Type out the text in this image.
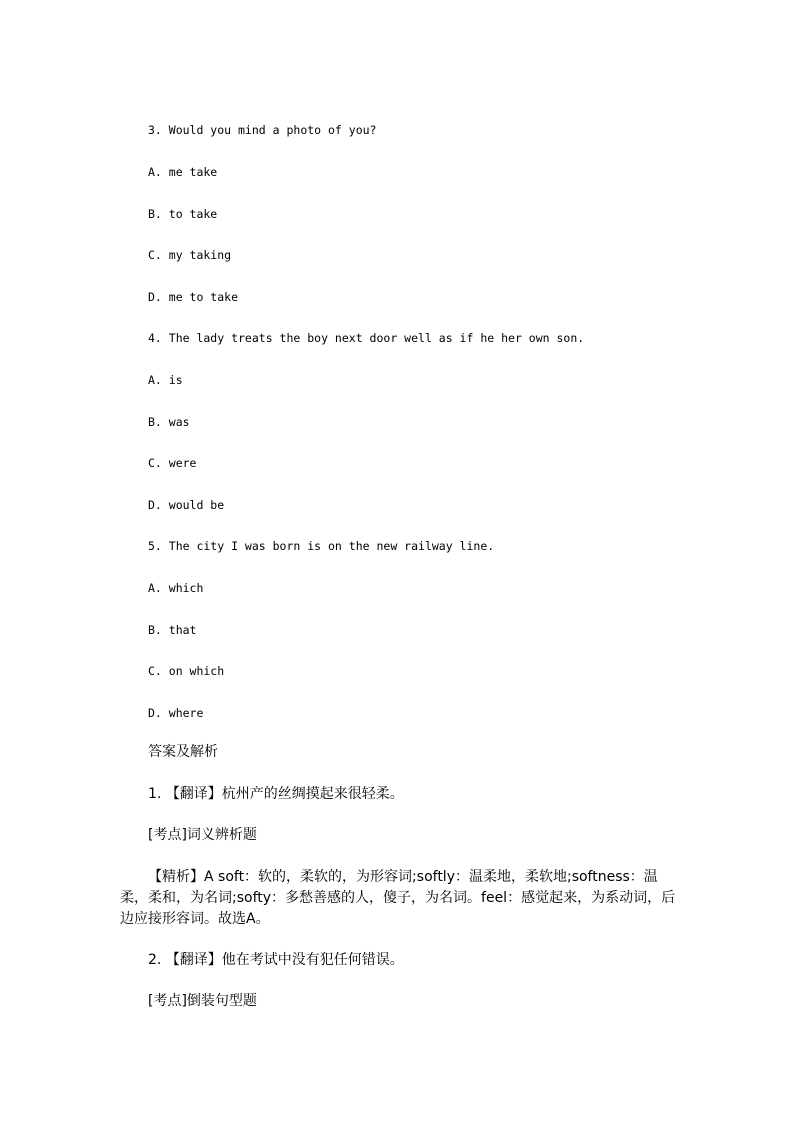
3. Would you mind a photo of you?
A. me take
B. to take
C. my taking
D. me to take
4. The lady treats the boy next door well as if he her own son.
A. is
B. was
C. were
D. would be
5. The city I was born is on the new railway line.
A. which
B. that
C. on which
D. where
答案及解析
1. 【翻译】杭州产的丝绸摸起来很轻柔。
[考点]词义辨析题
【精析】A soft：软的，柔软的，为形容词;softly：温柔地，柔软地;softness：温柔，柔和，为名词;softy：多愁善感的人，傻子，为名词。feel：感觉起来，为系动词，后边应接形容词。故选A。
2. 【翻译】他在考试中没有犯任何错误。
[考点]倒装句型题
